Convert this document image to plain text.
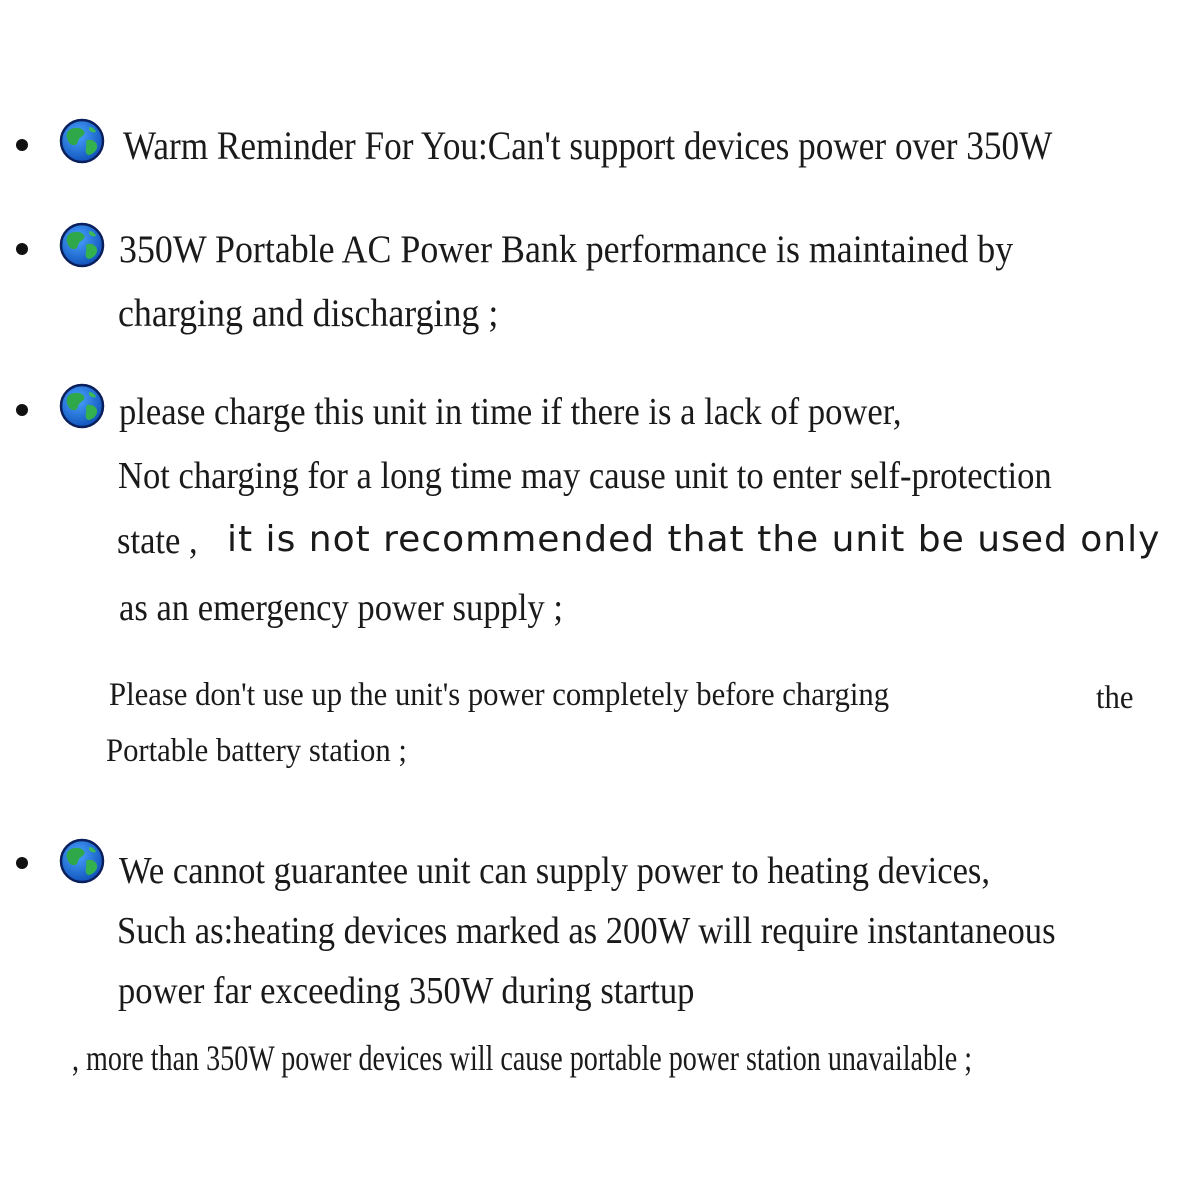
Warm Reminder For You:Can't support devices power over 350W
350W Portable AC Power Bank performance is maintained by
charging and discharging ;
please charge this unit in time if there is a lack of power,
Not charging for a long time may cause unit to enter self-protection
state , it is not recommended that the unit be used only
as an emergency power supply ;
Please don't use up the unit's power completely before charging	the
Portable battery station ;
We cannot guarantee unit can supply power to heating devices,
Such as:heating devices marked as 200W will require instantaneous
power far exceeding 350W during startup
, more than 350W power devices will cause portable power station unavailable ;
